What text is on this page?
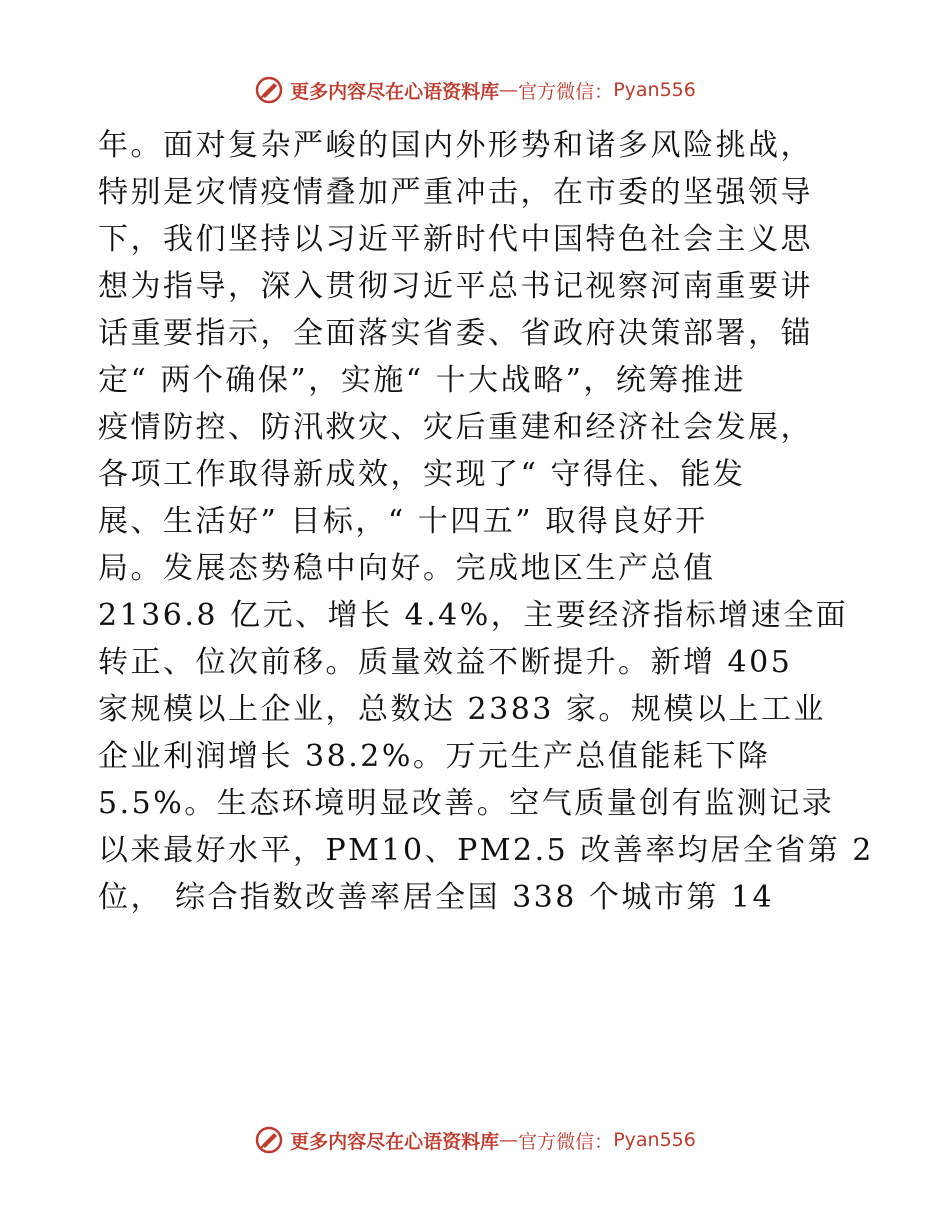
更多内容尽在心语资料库 — 官方微信： Pyan556
年。面对复杂严峻的国内外形势和诸多风险挑战，
特别是灾情疫情叠加严重冲击，在市委的坚强领导
下，我们坚持以习近平新时代中国特色社会主义思
想为指导，深入贯彻习近平总书记视察河南重要讲
话重要指示，全面落实省委、省政府决策部署，锚
定“ 两个确保”，实施“ 十大战略”，统筹推进
疫情防控、防汛救灾、灾后重建和经济社会发展，
各项工作取得新成效，实现了“ 守得住、能发
展、生活好” 目标，“ 十四五” 取得良好开
局。发展态势稳中向好。完成地区生产总值
2136.8 亿元、增长 4.4%，主要经济指标增速全面
转正、位次前移。质量效益不断提升。新增 405
家规模以上企业，总数达 2383 家。规模以上工业
企业利润增长 38.2%。万元生产总值能耗下降
5.5%。生态环境明显改善。空气质量创有监测记录
以来最好水平，PM10、PM2.5 改善率均居全省第 2
位， 综合指数改善率居全国 338 个城市第 14
更多内容尽在心语资料库 — 官方微信： Pyan556
